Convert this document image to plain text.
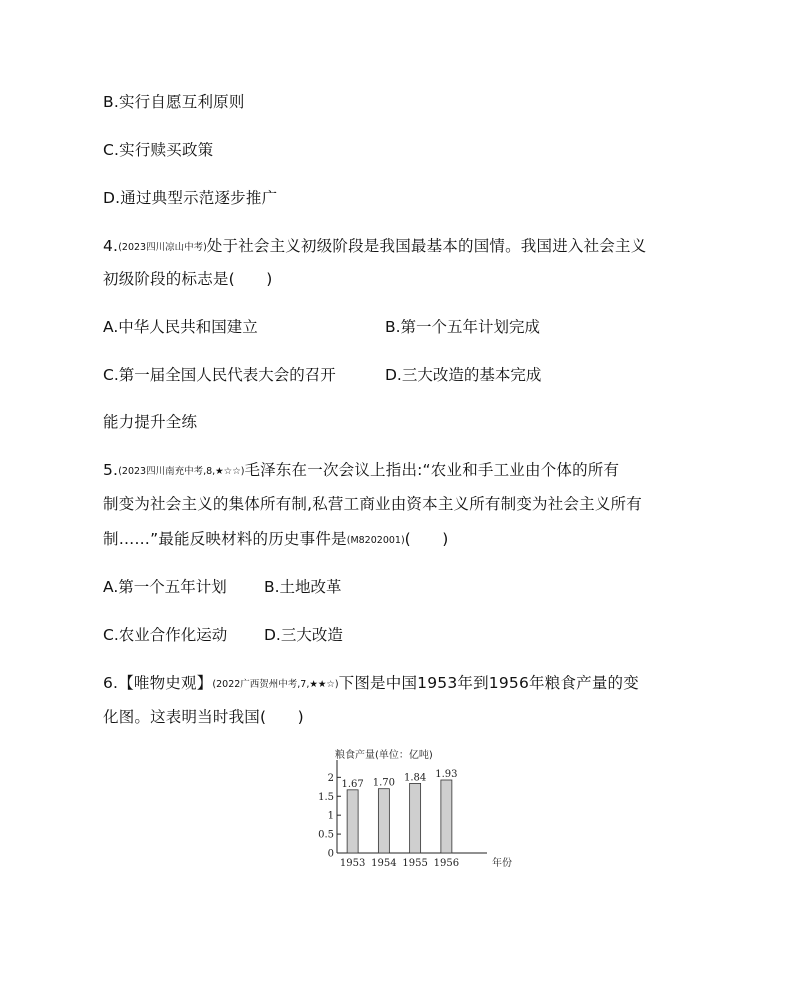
B.实行自愿互利原则
C.实行赎买政策
D.通过典型示范逐步推广
4.(2023四川凉山中考)处于社会主义初级阶段是我国最基本的国情。我国进入社会主义
初级阶段的标志是(　　)
A.中华人民共和国建立	B.第一个五年计划完成
C.第一届全国人民代表大会的召开	D.三大改造的基本完成
能力提升全练
5.(2023四川南充中考,8,★☆☆)毛泽东在一次会议上指出:“农业和手工业由个体的所有
制变为社会主义的集体所有制,私营工商业由资本主义所有制变为社会主义所有
制……”最能反映材料的历史事件是(M8202001)(　　)
A.第一个五年计划 B.土地改革
C.农业合作化运动 D.三大改造
6.【唯物史观】(2022广西贺州中考,7,★★☆)下图是中国1953年到1956年粮食产量的变
化图。这表明当时我国(　　)
粮食产量(单位：亿吨)
年份
0
0.5
1
1.5
2
1.67
1953
1.70
1954
1.84
1955
1.93
1956
